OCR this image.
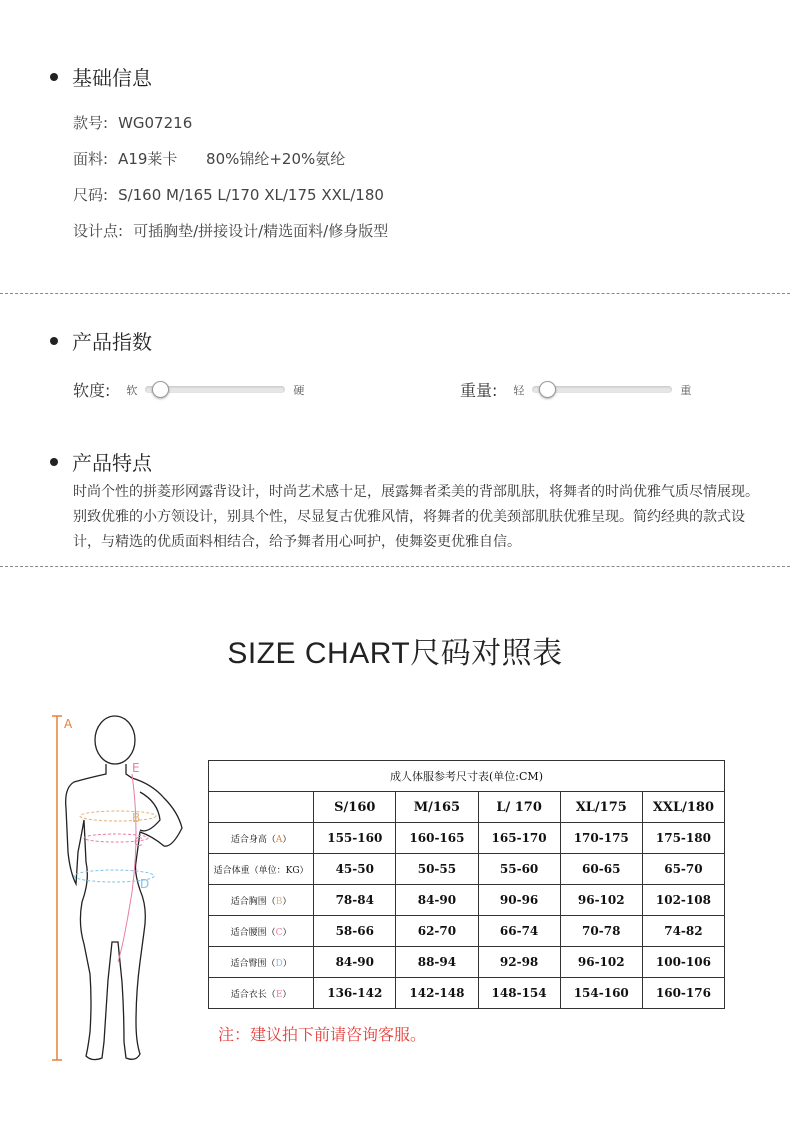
基础信息
款号: WG07216
面料: A19莱卡      80%锦纶+20%氨纶
尺码: S/160 M/165 L/170 XL/175 XXL/180
设计点: 可插胸垫/拼接设计/精选面料/修身版型
产品指数
软度: 软	硬	重量: 轻	重
产品特点
时尚个性的拼菱形网露背设计，时尚艺术感十足，展露舞者柔美的背部肌肤，将舞者的时尚优雅气质尽情展现。别致优雅的小方领设计，别具个性，尽显复古优雅风情，将舞者的优美颈部肌肤优雅呈现。简约经典的款式设计，与精选的优质面料相结合，给予舞者用心呵护，使舞姿更优雅自信。
SIZE CHART尺码对照表
A
E
B
C
D
成人体服参考尺寸表(单位:CM)					
	S/160	M/165	L/ 170	XL/175	XXL/180
适合身高（A）	155-160	160-165	165-170	170-175	175-180
适合体重（单位：KG）	45-50	50-55	55-60	60-65	65-70
适合胸围（B）	78-84	84-90	90-96	96-102	102-108
适合腰围（C）	58-66	62-70	66-74	70-78	74-82
适合臀围（D）	84-90	88-94	92-98	96-102	100-106
适合衣长（E）	136-142	142-148	148-154	154-160	160-176
注：建议拍下前请咨询客服。
